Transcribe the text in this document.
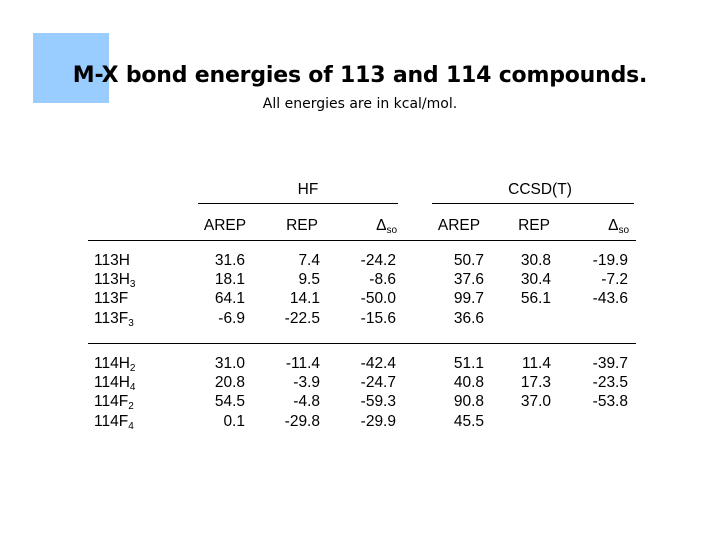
M-X bond energies of 113 and 114 compounds.
All energies are in kcal/mol.
HF	CCSD(T)
AREP	REP	$\Delta_{so}$	AREP	REP	$\Delta_{so}$
113H	31.6	7.4	-24.2	50.7	30.8	-19.9
$113H_3$	18.1	9.5	-8.6	37.6	30.4	-7.2
113F	64.1	14.1	-50.0	99.7	56.1	-43.6
$113F_3$	-6.9	-22.5	-15.6	36.6
$114H_2$	31.0	-11.4	-42.4	51.1	11.4	-39.7
$114H_4$	20.8	-3.9	-24.7	40.8	17.3	-23.5
$114F_2$	54.5	-4.8	-59.3	90.8	37.0	-53.8
$114F_4$	0.1	-29.8	-29.9	45.5
